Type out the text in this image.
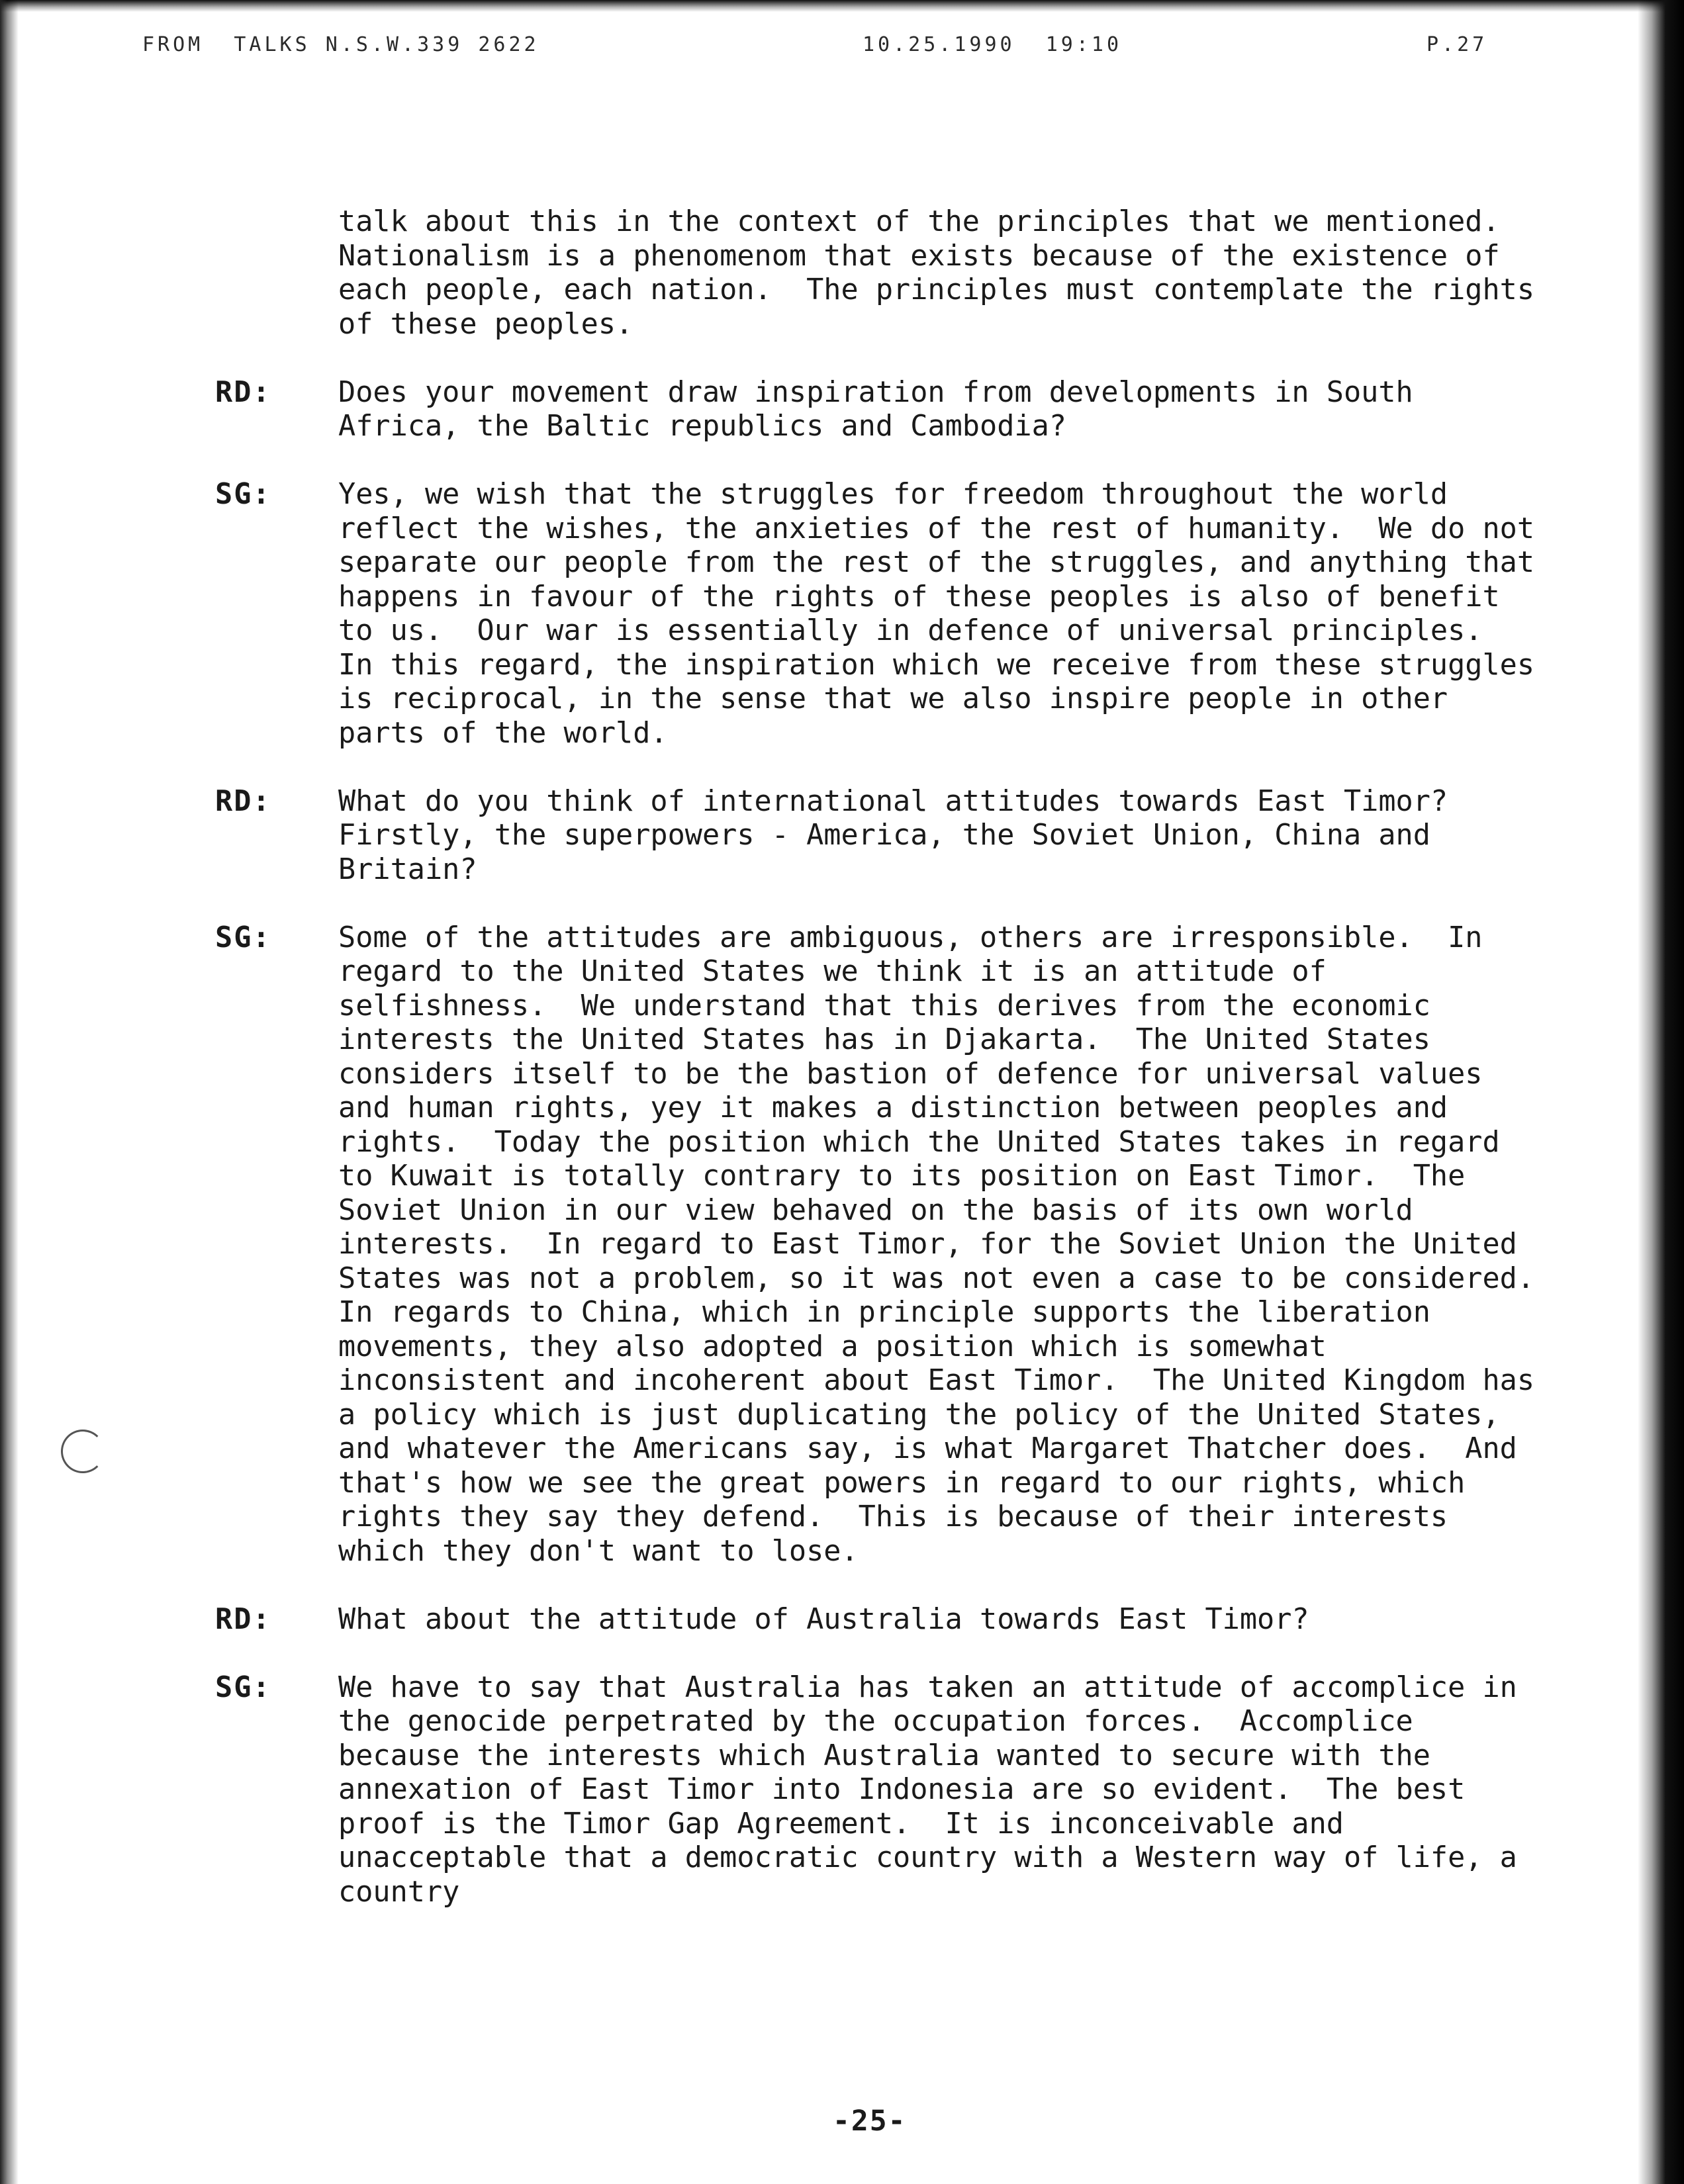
FROM  TALKS N.S.W.339 2622	10.25.1990  19:10	P.27
talk about this in the context of the principles that we mentioned.  Nationalism is a phenomenom that exists because of the existence of each people, each nation.  The principles must contemplate the rights of these peoples.
RD: Does your movement draw inspiration from developments in South Africa, the Baltic republics and Cambodia?
SG: Yes, we wish that the struggles for freedom throughout the world reflect the wishes, the anxieties of the rest of humanity.  We do not separate our people from the rest of the struggles, and anything that happens in favour of the rights of these peoples is also of benefit to us.  Our war is essentially in defence of universal principles.  In this regard, the inspiration which we receive from these struggles is reciprocal, in the sense that we also inspire people in other parts of the world.
RD: What do you think of international attitudes towards East Timor?  Firstly, the superpowers - America, the Soviet Union, China and Britain?
SG: Some of the attitudes are ambiguous, others are irresponsible.  In regard to the United States we think it is an attitude of selfishness.  We understand that this derives from the economic interests the United States has in Djakarta.  The United States considers itself to be the bastion of defence for universal values and human rights, yey it makes a distinction between peoples and rights.  Today the position which the United States takes in regard to Kuwait is totally contrary to its position on East Timor.  The Soviet Union in our view behaved on the basis of its own world interests.  In regard to East Timor, for the Soviet Union the United States was not a problem, so it was not even a case to be considered.  In regards to China, which in principle supports the liberation movements, they also adopted a position which is somewhat inconsistent and incoherent about East Timor.  The United Kingdom has a policy which is just duplicating the policy of the United States, and whatever the Americans say, is what Margaret Thatcher does.  And that's how we see the great powers in regard to our rights, which rights they say they defend.  This is because of their interests which they don't want to lose.
RD: What about the attitude of Australia towards East Timor?
SG: We have to say that Australia has taken an attitude of accomplice in the genocide perpetrated by the occupation forces.  Accomplice because the interests which Australia wanted to secure with the annexation of East Timor into Indonesia are so evident.  The best proof is the Timor Gap Agreement.  It is inconceivable and unacceptable that a democratic country with a Western way of life, a country
-25-
